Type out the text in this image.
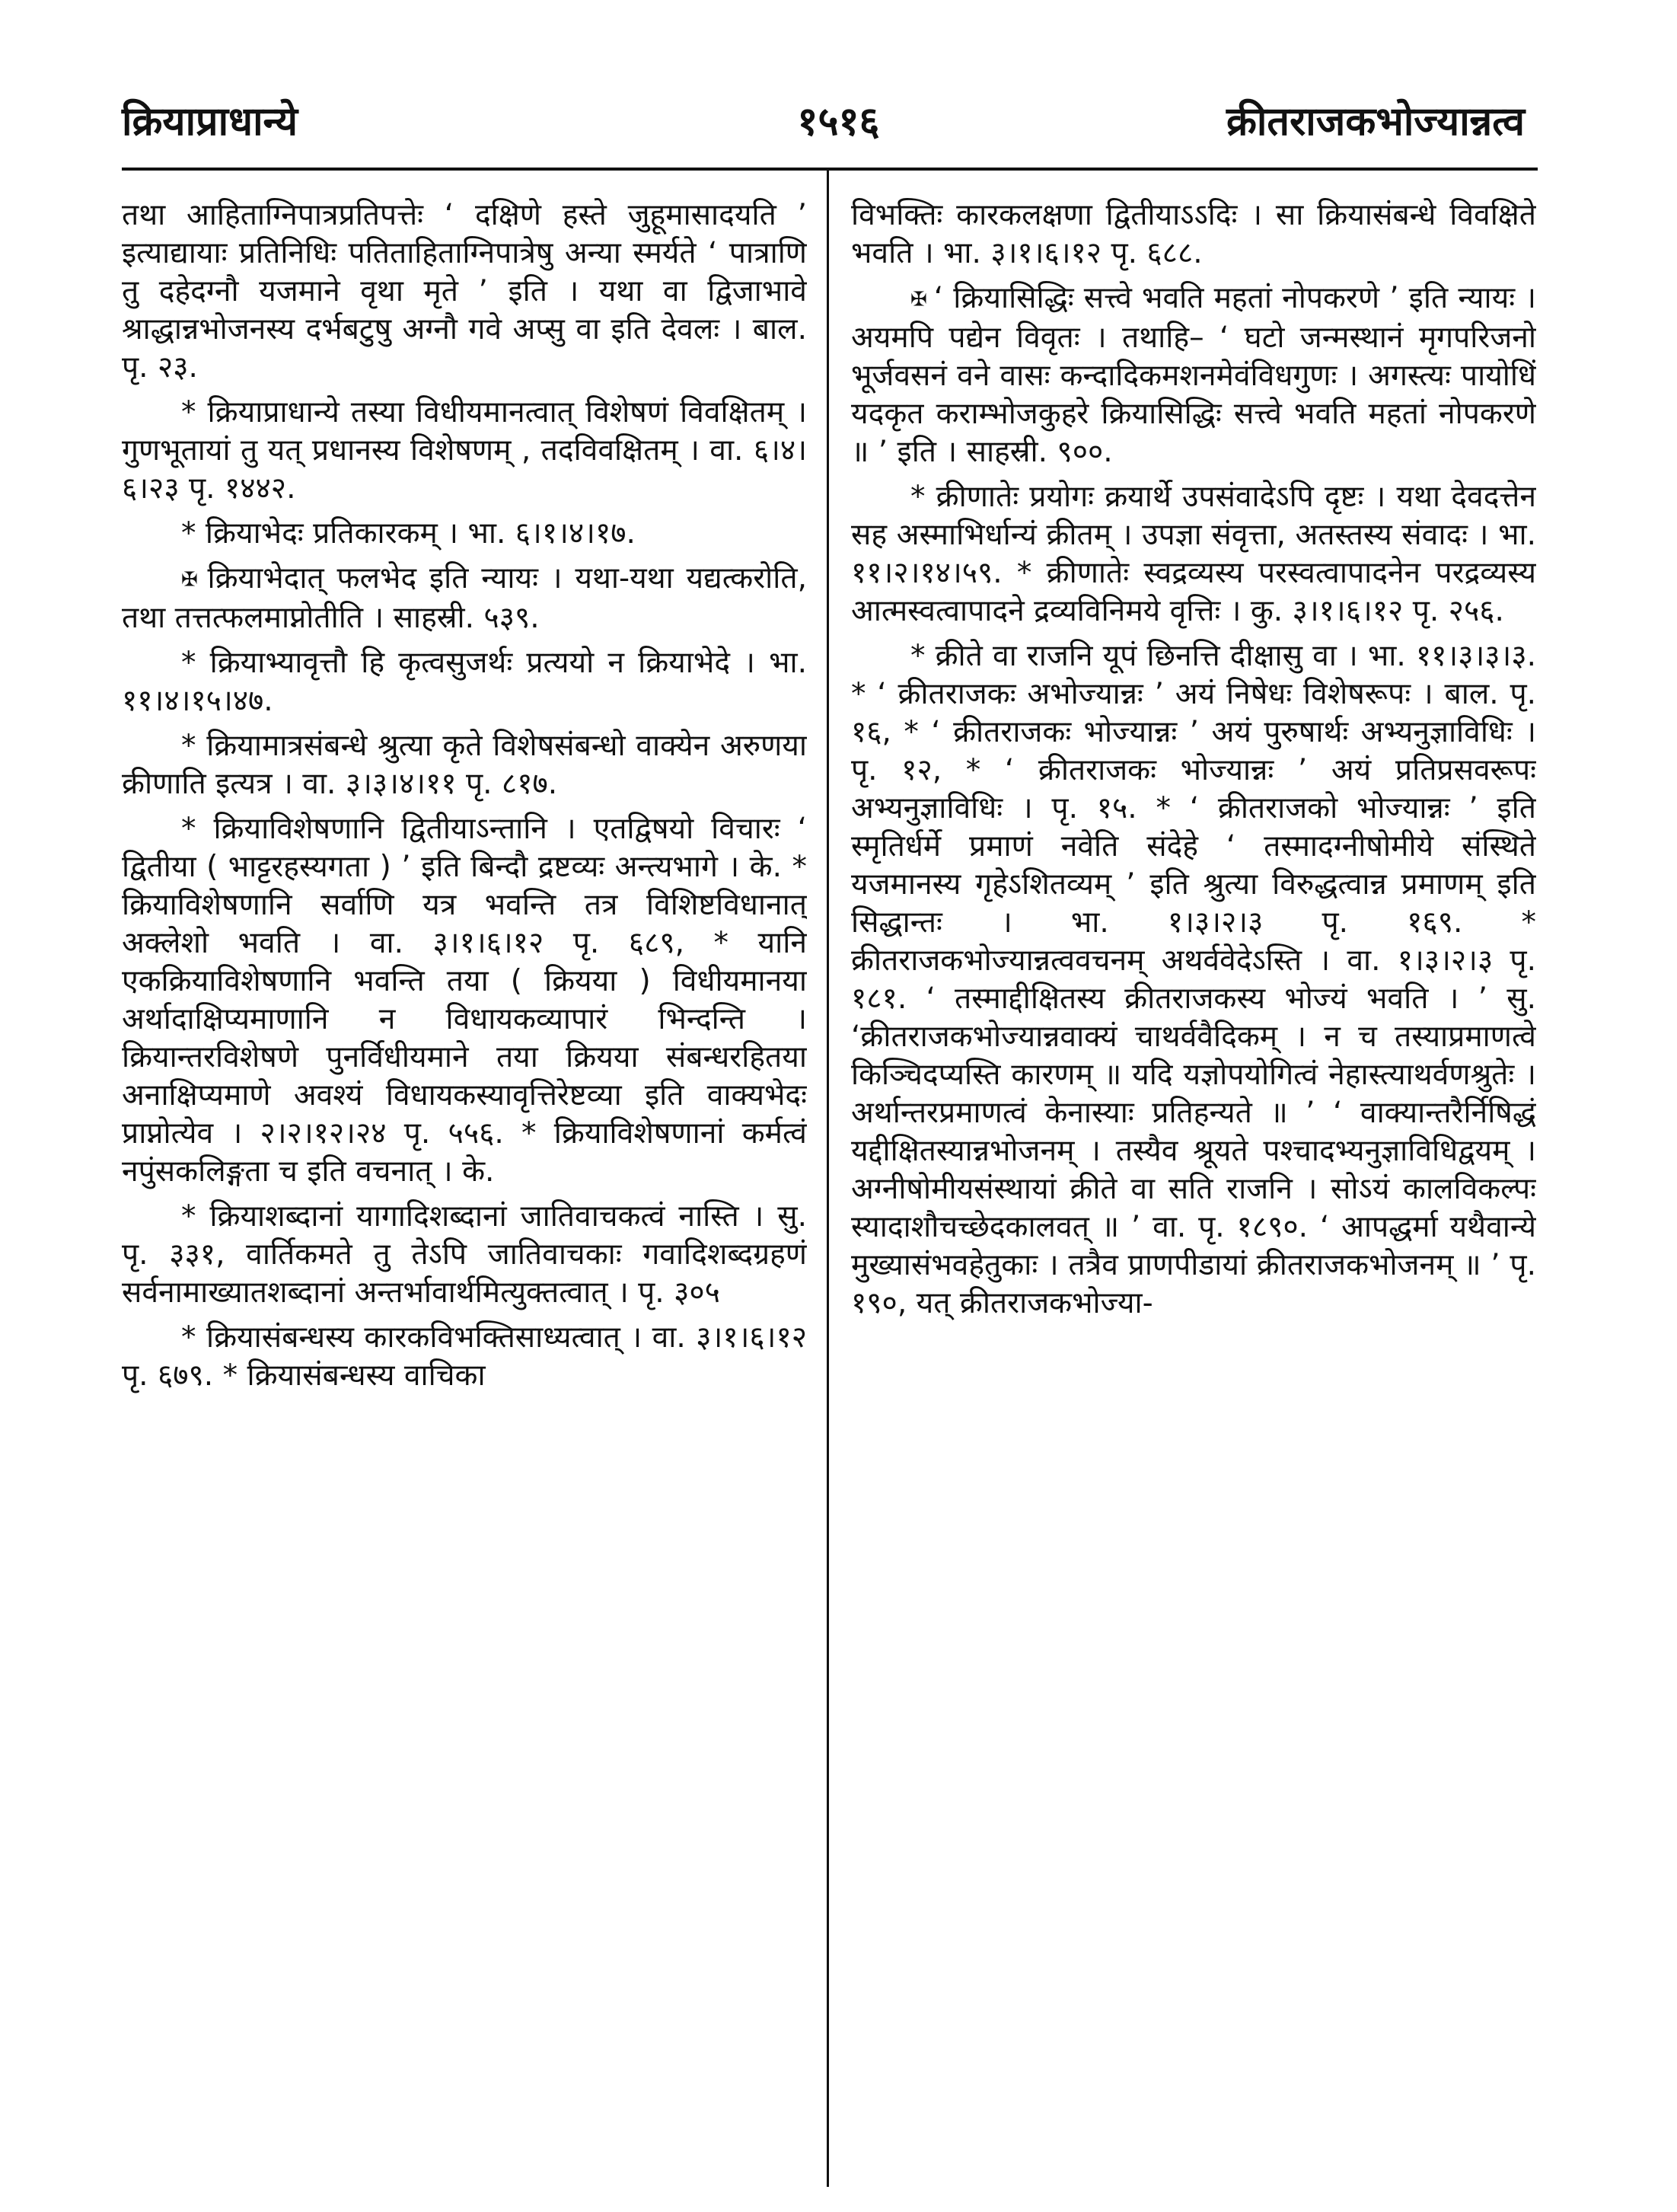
क्रियाप्राधान्ये	१५१६	क्रीतराजकभोज्यान्नत्व

तथा आहिताग्निपात्रप्रतिपत्तेः ‘ दक्षिणे हस्ते जुहूमासादयति ’ इत्याद्यायाः प्रतिनिधिः पतिताहिताग्निपात्रेषु अन्या स्मर्यते ‘ पात्राणि तु दहेदग्नौ यजमाने वृथा मृते ’ इति । यथा वा द्विजाभावे श्राद्धान्नभोजनस्य दर्भबटुषु अग्नौ गवे अप्सु वा इति देवलः । बाल. पृ. २३.

* क्रियाप्राधान्ये तस्या विधीयमानत्वात् विशेषणं विवक्षितम् । गुणभूतायां तु यत् प्रधानस्य विशेषणम् , तदविवक्षितम् । वा. ६।४।६।२३ पृ. १४४२.

* क्रियाभेदः प्रतिकारकम् । भा. ६।१।४।१७.

✠ क्रियाभेदात् फलभेद इति न्यायः । यथा-यथा यद्यत्करोति, तथा तत्तत्फलमाप्नोतीति । साहस्री. ५३९.

* क्रियाभ्यावृत्तौ हि कृत्वसुजर्थः प्रत्ययो न क्रियाभेदे । भा. ११।४।१५।४७.

* क्रियामात्रसंबन्धे श्रुत्या कृते विशेषसंबन्धो वाक्येन अरुणया क्रीणाति इत्यत्र । वा. ३।३।४।११ पृ. ८१७.

* क्रियाविशेषणानि द्वितीयाऽन्तानि । एतद्विषयो विचारः ‘ द्वितीया ( भाट्टरहस्यगता ) ’ इति बिन्दौ द्रष्टव्यः अन्त्यभागे । के. * क्रियाविशेषणानि सर्वाणि यत्र भवन्ति तत्र विशिष्टविधानात् अक्लेशो भवति । वा. ३।१।६।१२ पृ. ६८९, * यानि एकक्रियाविशेषणानि भवन्ति तया ( क्रियया ) विधीयमानया अर्थादाक्षिप्यमाणानि न विधायकव्यापारं भिन्दन्ति । क्रियान्तरविशेषणे पुनर्विधीयमाने तया क्रियया संबन्धरहितया अनाक्षिप्यमाणे अवश्यं विधायकस्यावृत्तिरेष्टव्या इति वाक्यभेदः प्राप्नोत्येव । २।२।१२।२४ पृ. ५५६. * क्रियाविशेषणानां कर्मत्वं नपुंसकलिङ्गता च इति वचनात् । के.

* क्रियाशब्दानां यागादिशब्दानां जातिवाचकत्वं नास्ति । सु. पृ. ३३१, वार्तिकमते तु तेऽपि जातिवाचकाः गवादिशब्दग्रहणं सर्वनामाख्यातशब्दानां अन्तर्भावार्थमित्युक्तत्वात् । पृ. ३०५

* क्रियासंबन्धस्य कारकविभक्तिसाध्यत्वात् । वा. ३।१।६।१२ पृ. ६७९. * क्रियासंबन्धस्य वाचिका

विभक्तिः कारकलक्षणा द्वितीयाऽऽदिः । सा क्रियासंबन्धे विवक्षिते भवति । भा. ३।१।६।१२ पृ. ६८८.

✠ ‘ क्रियासिद्धिः सत्त्वे भवति महतां नोपकरणे ’ इति न्यायः । अयमपि पद्येन विवृतः । तथाहि– ‘ घटो जन्मस्थानं मृगपरिजनो भूर्जवसनं वने वासः कन्दादिकमशनमेवंविधगुणः । अगस्त्यः पायोधिं यदकृत कराम्भोजकुहरे क्रियासिद्धिः सत्त्वे भवति महतां नोपकरणे ॥ ’ इति । साहस्री. ९००.

* क्रीणातेः प्रयोगः क्रयार्थे उपसंवादेऽपि दृष्टः । यथा देवदत्तेन सह अस्माभिर्धान्यं क्रीतम् । उपज्ञा संवृत्ता, अतस्तस्य संवादः । भा. ११।२।१४।५९. * क्रीणातेः स्वद्रव्यस्य परस्वत्वापादनेन परद्रव्यस्य आत्मस्वत्वापादने द्रव्यविनिमये वृत्तिः । कु. ३।१।६।१२ पृ. २५६.

* क्रीते वा राजनि यूपं छिनत्ति दीक्षासु वा । भा. ११।३।३।३. * ‘ क्रीतराजकः अभोज्यान्नः ’ अयं निषेधः विशेषरूपः । बाल. पृ. १६, * ‘ क्रीतराजकः भोज्यान्नः ’ अयं पुरुषार्थः अभ्यनुज्ञाविधिः । पृ. १२, * ‘ क्रीतराजकः भोज्यान्नः ’ अयं प्रतिप्रसवरूपः अभ्यनुज्ञाविधिः । पृ. १५. * ‘ क्रीतराजको भोज्यान्नः ’ इति स्मृतिर्धर्मे प्रमाणं नवेति संदेहे ‘ तस्मादग्नीषोमीये संस्थिते यजमानस्य गृहेऽशितव्यम् ’ इति श्रुत्या विरुद्धत्वान्न प्रमाणम् इति सिद्धान्तः । भा. १।३।२।३ पृ. १६९. * क्रीतराजकभोज्यान्नत्ववचनम् अथर्ववेदेऽस्ति । वा. १।३।२।३ पृ. १८१. ‘ तस्माद्दीक्षितस्य क्रीतराजकस्य भोज्यं भवति । ’ सु. ‘क्रीतराजकभोज्यान्नवाक्यं चाथर्ववैदिकम् । न च तस्याप्रमाणत्वे किञ्चिदप्यस्ति कारणम् ॥ यदि यज्ञोपयोगित्वं नेहास्त्याथर्वणश्रुतेः । अर्थान्तरप्रमाणत्वं केनास्याः प्रतिहन्यते ॥ ’ ‘ वाक्यान्तरैर्निषिद्धं यद्दीक्षितस्यान्नभोजनम् । तस्यैव श्रूयते पश्चादभ्यनुज्ञाविधिद्वयम् । अग्नीषोमीयसंस्थायां क्रीते वा सति राजनि । सोऽयं कालविकल्पः स्यादाशौचच्छेदकालवत् ॥ ’ वा. पृ. १८९०. ‘ आपद्धर्मा यथैवान्ये मुख्यासंभवहेतुकाः । तत्रैव प्राणपीडायां क्रीतराजकभोजनम् ॥ ’ पृ. १९०, यत् क्रीतराजकभोज्या-
